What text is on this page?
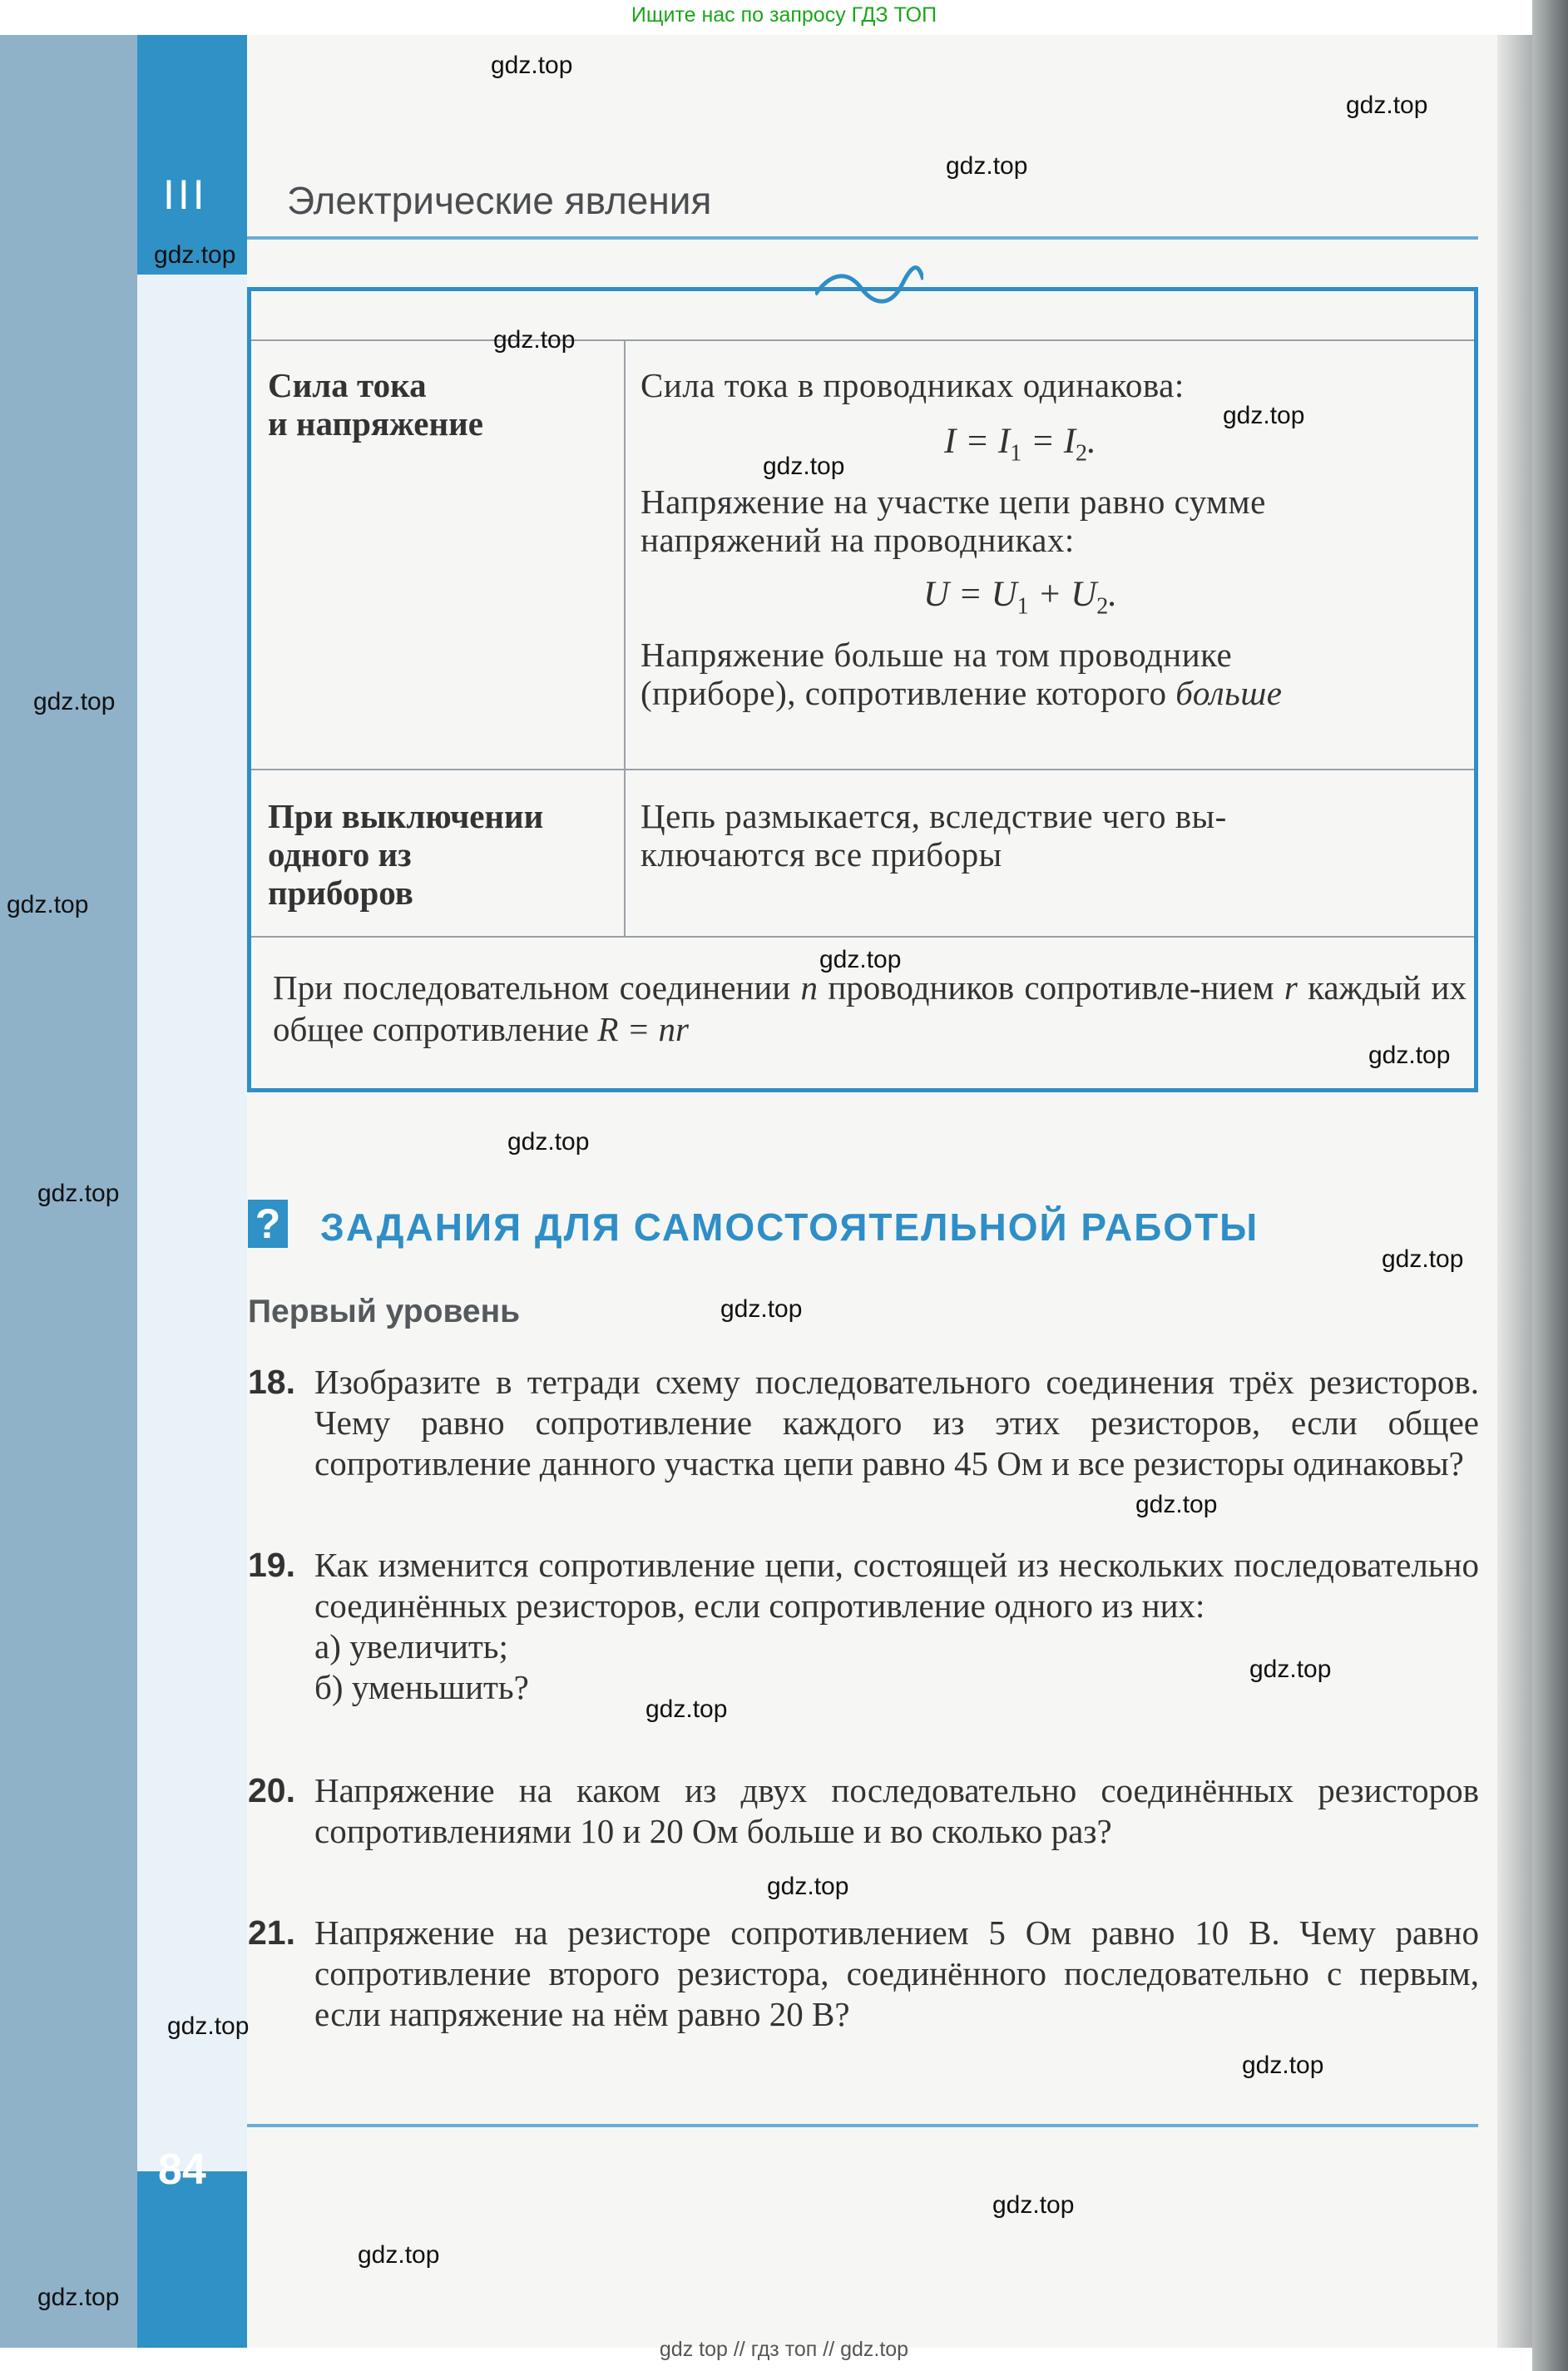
Ищите нас по запросу ГДЗ ТОП
III Электрические явления
Сила тока
и напряжение
Сила тока в проводниках одинакова:
$I = I_1 = I_2$.
Напряжение на участке цепи равно сумме
напряжений на проводниках:
$U = U_1 + U_2$.
Напряжение больше на том проводнике
(приборе), сопротивление которого больше
При выключении
одного из
приборов
Цепь размыкается, вследствие чего вы-
ключаются все приборы
При последовательном соединении n проводников сопротивле-нием r каждый их общее сопротивление R = nr
? ЗАДАНИЯ ДЛЯ САМОСТОЯТЕЛЬНОЙ РАБОТЫ
Первый уровень
18. Изобразите в тетради схему последовательного соединения трёх резисторов. Чему равно сопротивление каждого из этих резисторов, если общее сопротивление данного участка цепи равно 45 Ом и все резисторы одинаковы?
19. Как изменится сопротивление цепи, состоящей из нескольких последовательно соединённых резисторов, если сопротивление одного из них:
а) увеличить;
б) уменьшить?
20. Напряжение на каком из двух последовательно соединённых резисторов сопротивлениями 10 и 20 Ом больше и во сколько раз?
21. Напряжение на резисторе сопротивлением 5 Ом равно 10 В. Чему равно сопротивление второго резистора, соединённого последовательно с первым, если напряжение на нём равно 20 В?
84
gdz top // гдз топ // gdz.top
gdz.top
gdz.top
gdz.top
gdz.top
gdz.top
gdz.top
gdz.top
gdz.top
gdz.top
gdz.top
gdz.top
gdz.top
gdz.top
gdz.top
gdz.top
gdz.top
gdz.top
gdz.top
gdz.top
gdz.top
gdz.top
gdz.top
gdz.top
gdz.top
